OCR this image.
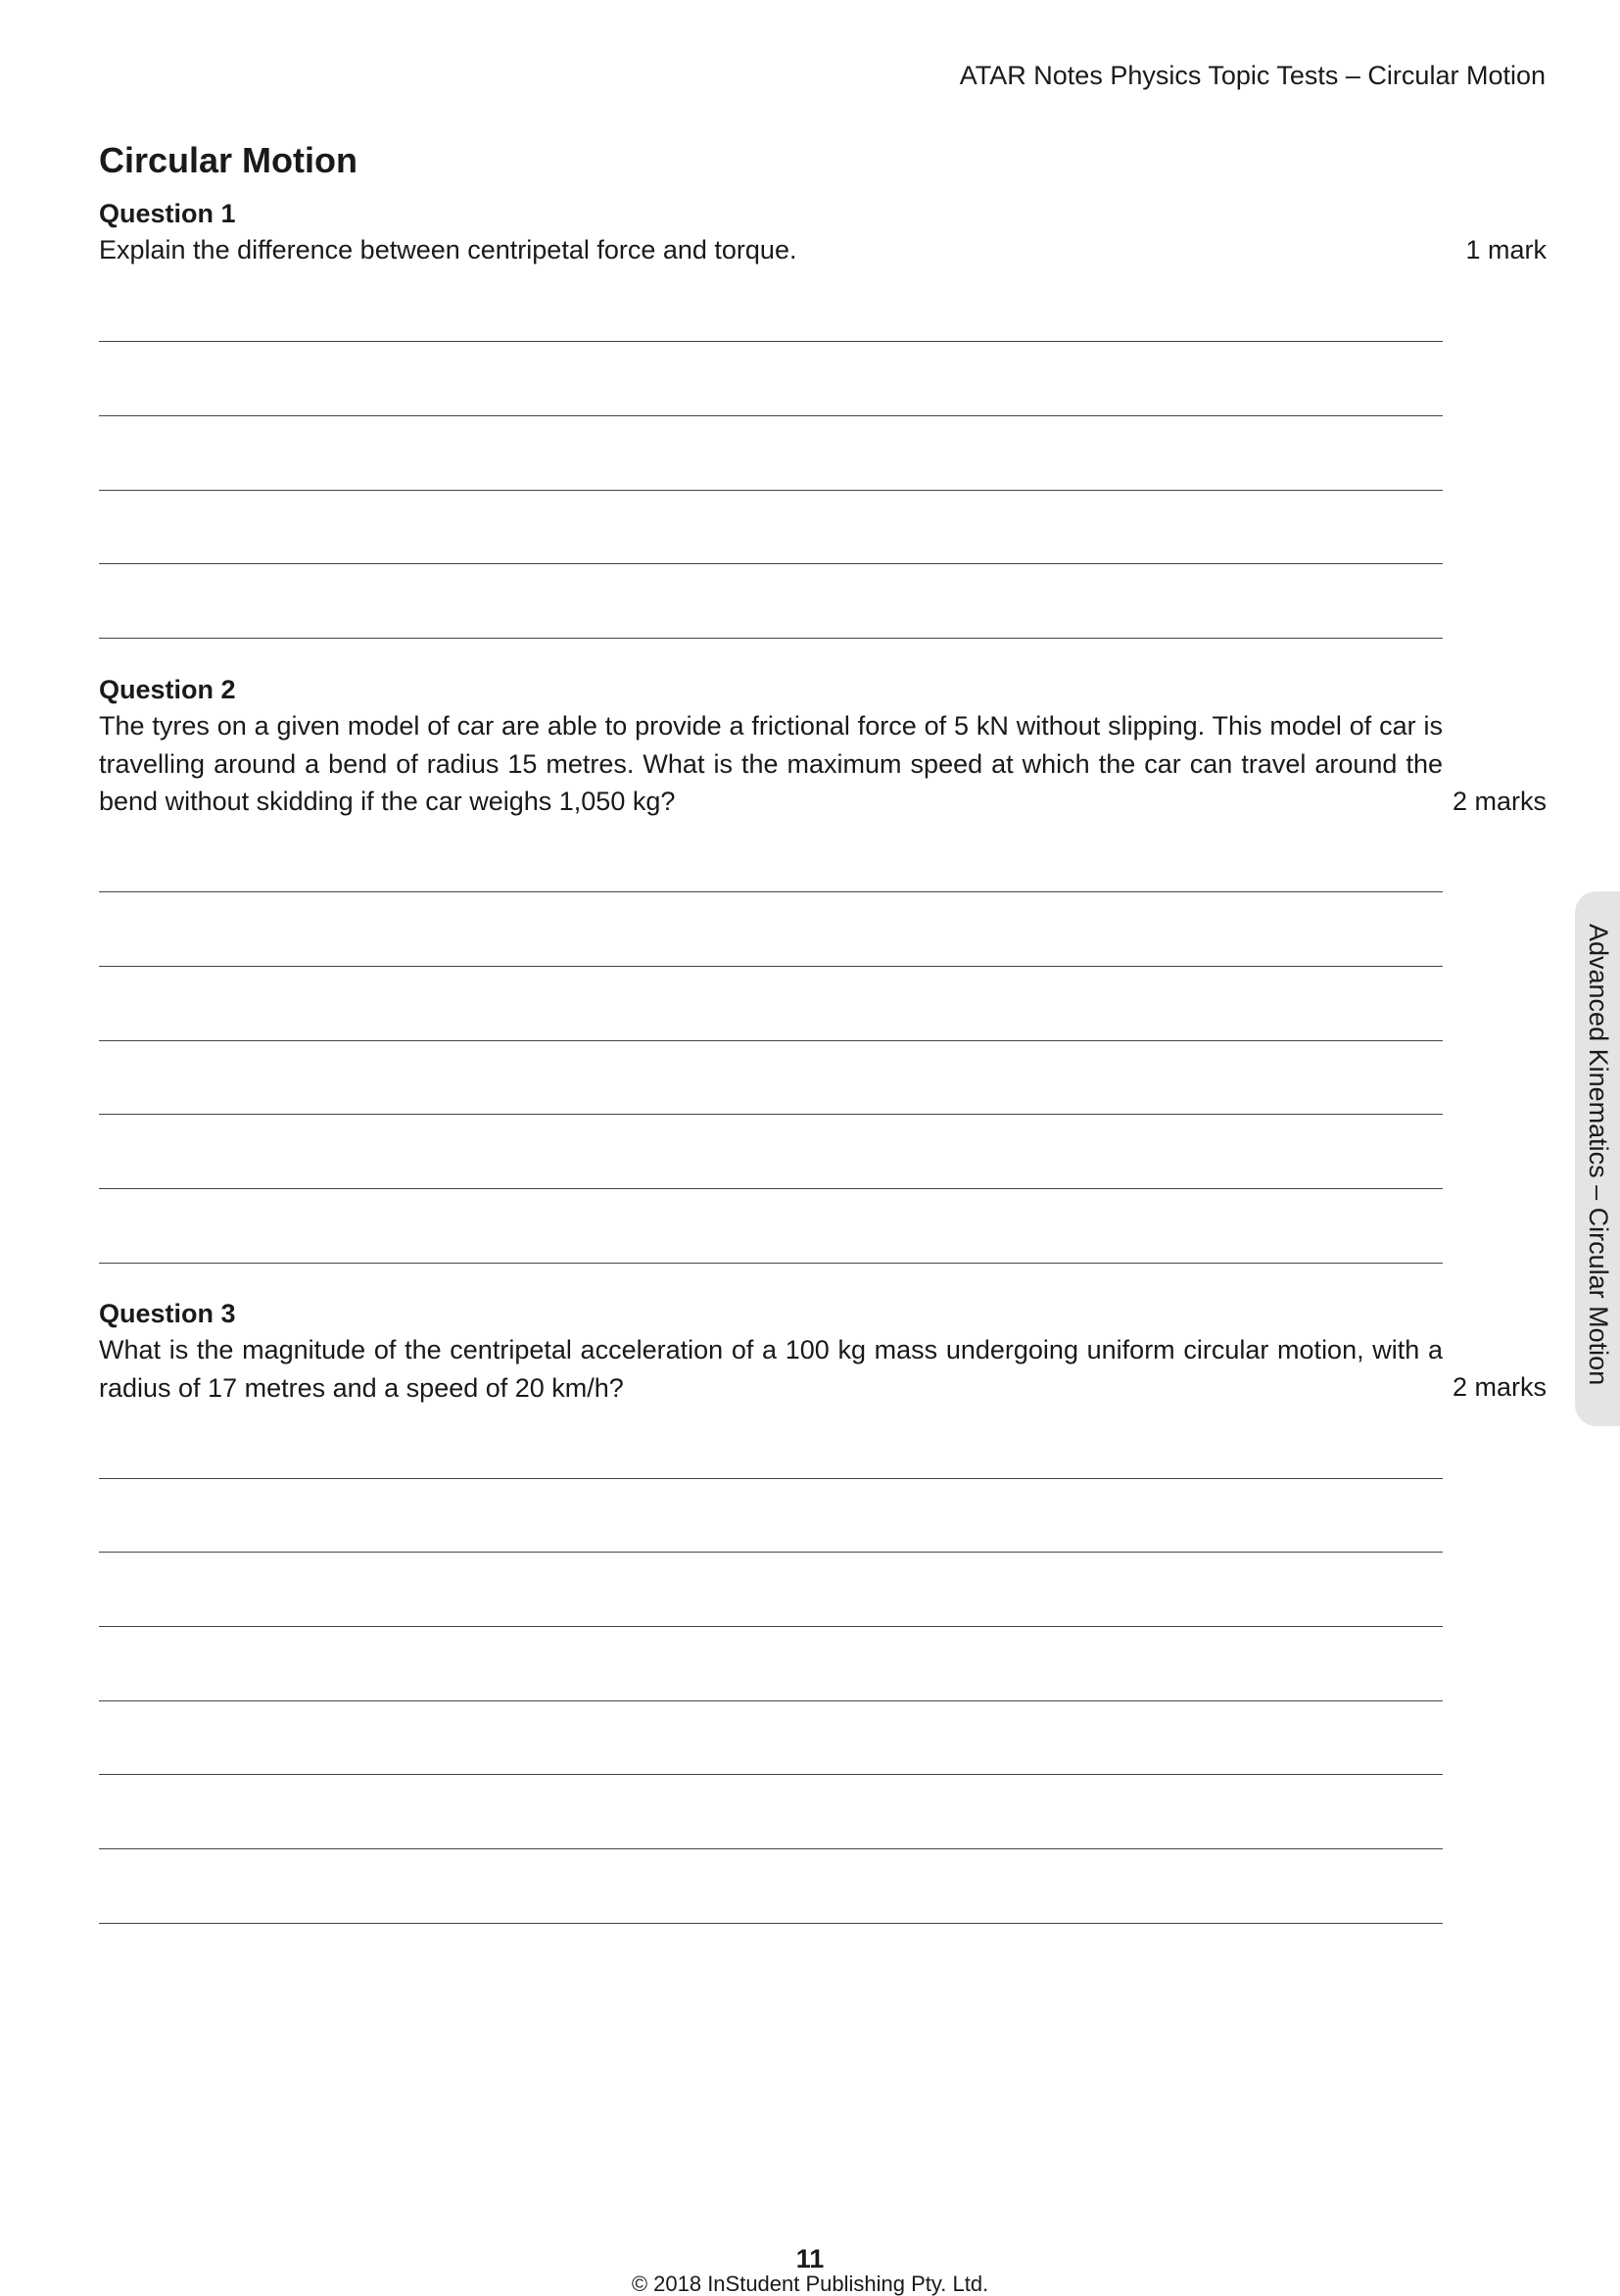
ATAR Notes Physics Topic Tests – Circular Motion
Circular Motion
Question 1
Explain the difference between centripetal force and torque.	1 mark
Question 2
The tyres on a given model of car are able to provide a frictional force of 5 kN without slipping. This model of car is travelling around a bend of radius 15 metres. What is the maximum speed at which the car can travel around the bend without skidding if the car weighs 1,050 kg?	2 marks
Question 3
What is the magnitude of the centripetal acceleration of a 100 kg mass undergoing uniform circular motion, with a radius of 17 metres and a speed of 20 km/h?	2 marks
Advanced Kinematics – Circular Motion
11
© 2018 InStudent Publishing Pty. Ltd.
